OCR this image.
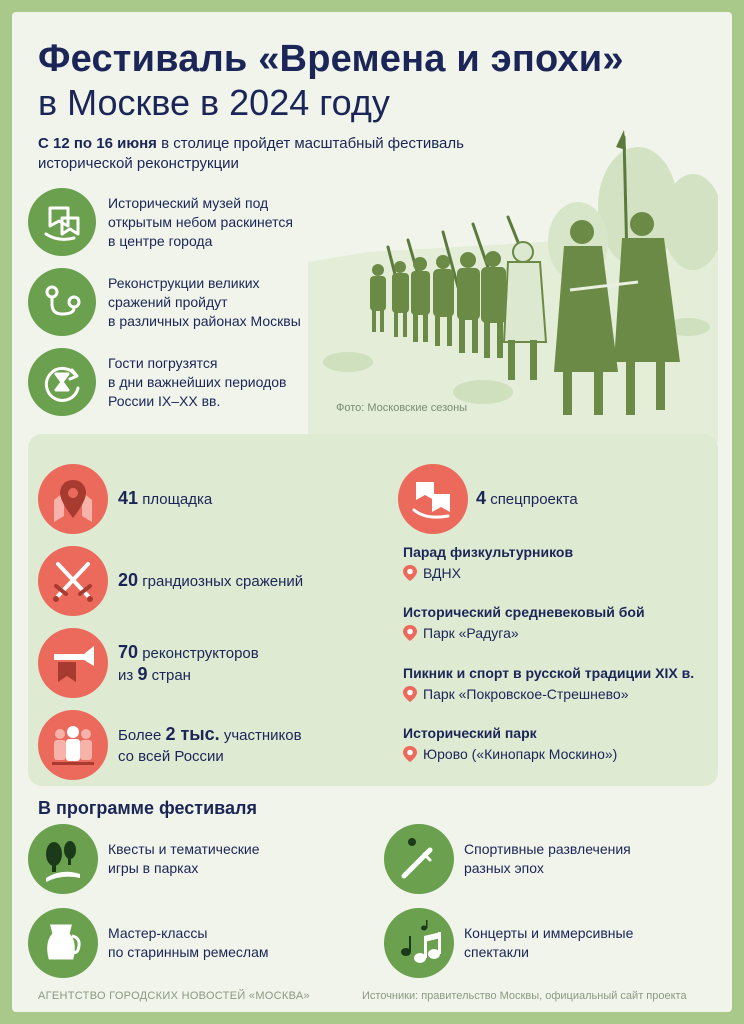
Фестиваль «Времена и эпохи»
в Москве в 2024 году
С 12 по 16 июня в столице пройдет масштабный фестиваль исторической реконструкции
Фото: Московские сезоны
Исторический музей под
открытым небом раскинется
в центре города
Реконструкции великих
сражений пройдут
в различных районах Москвы
Гости погрузятся
в дни важнейших периодов
России IX–XX вв.
41 площадка
20 грандиозных сражений
70 реконструкторов
из 9 стран
Более 2 тыс. участников
со всей России
4 спецпроекта
Парад физкультурников
ВДНХ
Исторический средневековый бой
Парк «Радуга»
Пикник и спорт в русской традиции XIX в.
Парк «Покровское-Стрешнево»
Исторический парк
Юрово («Кинопарк Москино»)
В программе фестиваля
Квесты и тематические
игры в парках
Спортивные развлечения
разных эпох
Мастер-классы
по старинным ремеслам
Концерты и иммерсивные
спектакли
АГЕНТСТВО ГОРОДСКИХ НОВОСТЕЙ «МОСКВА»	Источники: правительство Москвы, официальный сайт проекта
